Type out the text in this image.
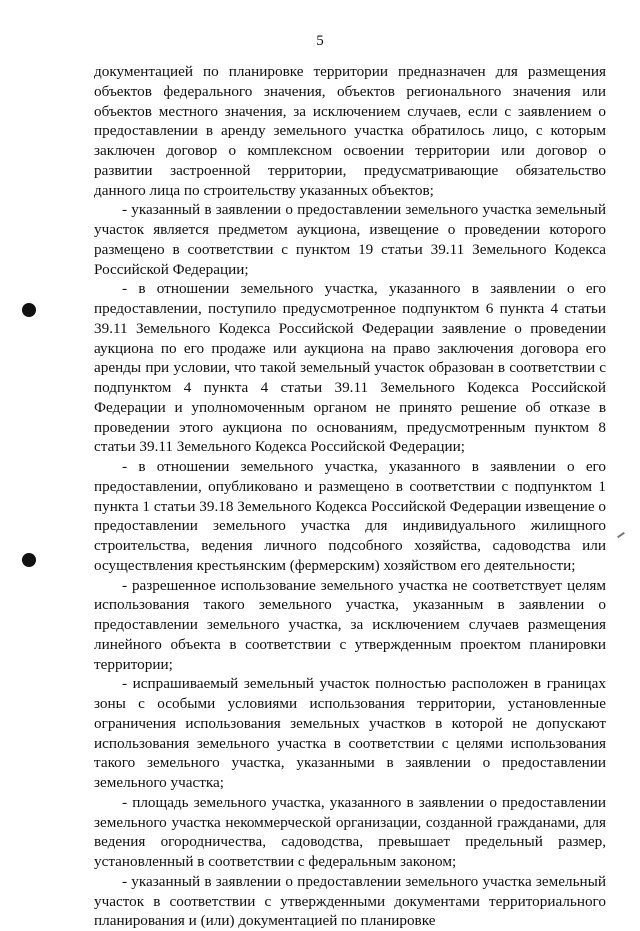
5

документацией по планировке территории предназначен для размещения объектов федерального значения, объектов регионального значения или объектов местного значения, за исключением случаев, если с заявлением о предоставлении в аренду земельного участка обратилось лицо, с которым заключен договор о комплексном освоении территории или договор о развитии застроенной территории, предусматривающие обязательство данного лица по строительству указанных объектов;

- указанный в заявлении о предоставлении земельного участка земельный участок является предметом аукциона, извещение о проведении которого размещено в соответствии с пунктом 19 статьи 39.11 Земельного Кодекса Российской Федерации;

- в отношении земельного участка, указанного в заявлении о его предоставлении, поступило предусмотренное подпунктом 6 пункта 4 статьи 39.11 Земельного Кодекса Российской Федерации заявление о проведении аукциона по его продаже или аукциона на право заключения договора его аренды при условии, что такой земельный участок образован в соответствии с подпунктом 4 пункта 4 статьи 39.11 Земельного Кодекса Российской Федерации и уполномоченным органом не принято решение об отказе в проведении этого аукциона по основаниям, предусмотренным пунктом 8 статьи 39.11 Земельного Кодекса Российской Федерации;

- в отношении земельного участка, указанного в заявлении о его предоставлении, опубликовано и размещено в соответствии с подпунктом 1 пункта 1 статьи 39.18 Земельного Кодекса Российской Федерации извещение о предоставлении земельного участка для индивидуального жилищного строительства, ведения личного подсобного хозяйства, садоводства или осуществления крестьянским (фермерским) хозяйством его деятельности;

- разрешенное использование земельного участка не соответствует целям использования такого земельного участка, указанным в заявлении о предоставлении земельного участка, за исключением случаев размещения линейного объекта в соответствии с утвержденным проектом планировки территории;

- испрашиваемый земельный участок полностью расположен в границах зоны с особыми условиями использования территории, установленные ограничения использования земельных участков в которой не допускают использования земельного участка в соответствии с целями использования такого земельного участка, указанными в заявлении о предоставлении земельного участка;

- площадь земельного участка, указанного в заявлении о предоставлении земельного участка некоммерческой организации, созданной гражданами, для ведения огородничества, садоводства, превышает предельный размер, установленный в соответствии с федеральным законом;

- указанный в заявлении о предоставлении земельного участка земельный участок в соответствии с утвержденными документами территориального планирования и (или) документацией по планировке
